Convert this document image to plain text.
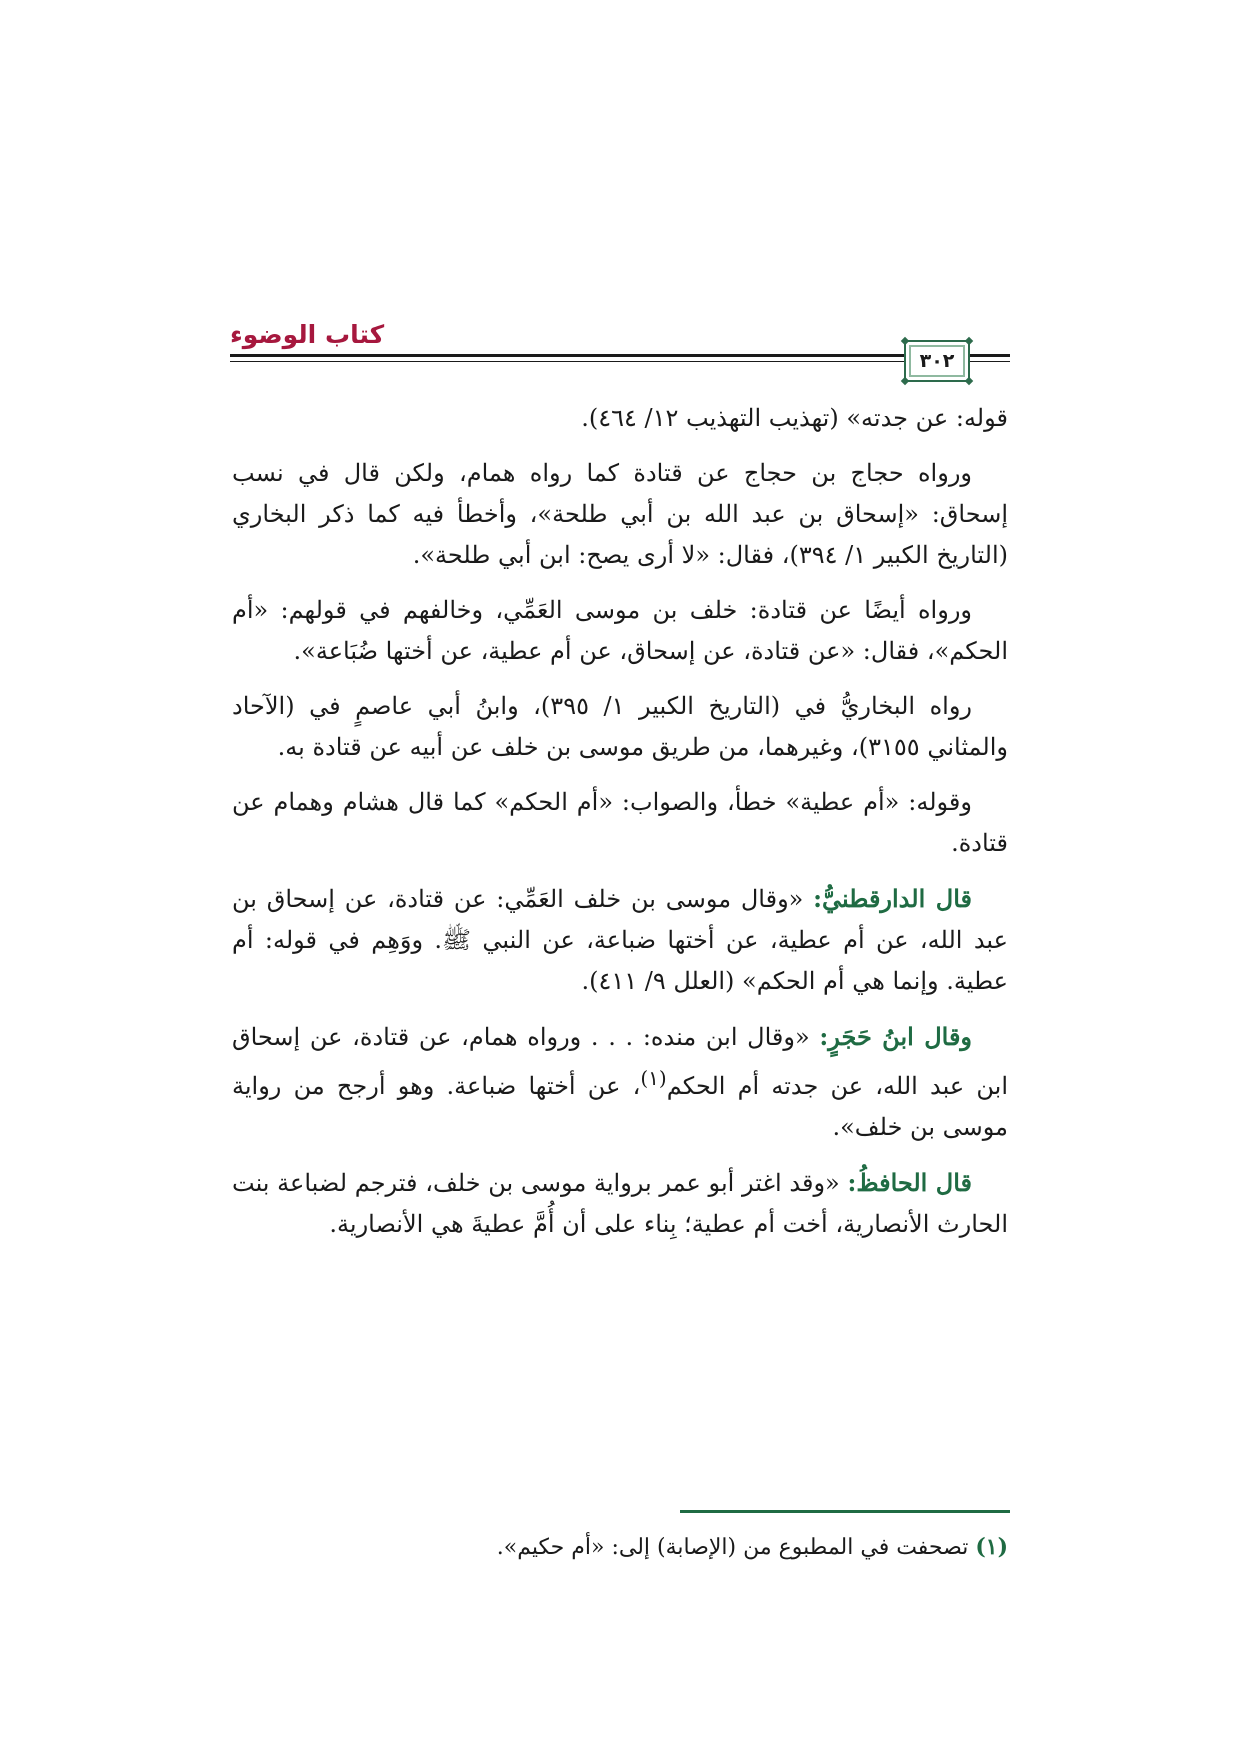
كتاب الوضوء
٣٠٢

قوله: عن جدته» (تهذيب التهذيب ١٢/ ٤٦٤).

ورواه حجاج بن حجاج عن قتادة كما رواه همام، ولكن قال في نسب إسحاق: «إسحاق بن عبد الله بن أبي طلحة»، وأخطأ فيه كما ذكر البخاري (التاريخ الكبير ١/ ٣٩٤)، فقال: «لا أرى يصح: ابن أبي طلحة».

ورواه أيضًا عن قتادة: خلف بن موسى العَمِّي، وخالفهم في قولهم: «أم الحكم»، فقال: «عن قتادة، عن إسحاق، عن أم عطية، عن أختها ضُبَاعة».

رواه البخاريُّ في (التاريخ الكبير ١/ ٣٩٥)، وابنُ أبي عاصمٍ في (الآحاد والمثاني ٣١٥٥)، وغيرهما، من طريق موسى بن خلف عن أبيه عن قتادة به.

وقوله: «أم عطية» خطأ، والصواب: «أم الحكم» كما قال هشام وهمام عن قتادة.

قال الدارقطنيُّ: «وقال موسى بن خلف العَمِّي: عن قتادة، عن إسحاق بن عبد الله، عن أم عطية، عن أختها ضباعة، عن النبي ﷺ. ووَهِم في قوله: أم عطية. وإنما هي أم الحكم» (العلل ٩/ ٤١١).

وقال ابنُ حَجَرٍ: «وقال ابن منده: . . . ورواه همام، عن قتادة، عن إسحاق ابن عبد الله، عن جدته أم الحكم$^{(١)}$، عن أختها ضباعة. وهو أرجح من رواية موسى بن خلف».

قال الحافظُ: «وقد اغتر أبو عمر برواية موسى بن خلف، فترجم لضباعة بنت الحارث الأنصارية، أخت أم عطية؛ بِناء على أن أُمَّ عطيةَ هي الأنصارية.

(١) تصحفت في المطبوع من (الإصابة) إلى: «أم حكيم».
